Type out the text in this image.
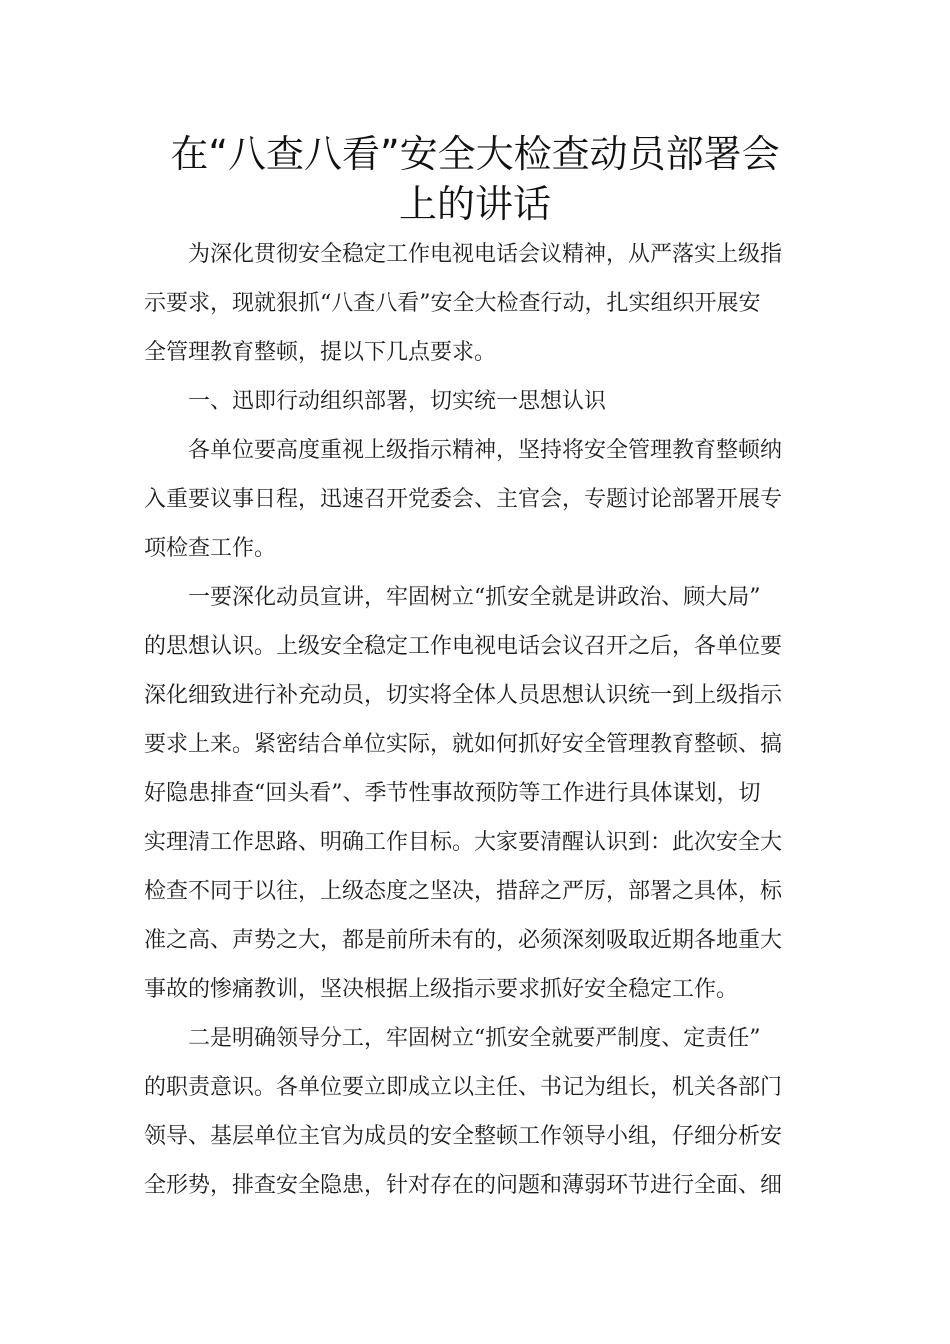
在“八查八看”安全大检查动员部署会
上的讲话

为深化贯彻安全稳定工作电视电话会议精神，从严落实上级指
示要求，现就狠抓“八查八看”安全大检查行动，扎实组织开展安
全管理教育整顿，提以下几点要求。

一、迅即行动组织部署，切实统一思想认识

各单位要高度重视上级指示精神，坚持将安全管理教育整顿纳
入重要议事日程，迅速召开党委会、主官会，专题讨论部署开展专
项检查工作。

一要深化动员宣讲，牢固树立“抓安全就是讲政治、顾大局”
的思想认识。上级安全稳定工作电视电话会议召开之后，各单位要
深化细致进行补充动员，切实将全体人员思想认识统一到上级指示
要求上来。紧密结合单位实际，就如何抓好安全管理教育整顿、搞
好隐患排查“回头看”、季节性事故预防等工作进行具体谋划，切
实理清工作思路、明确工作目标。大家要清醒认识到：此次安全大
检查不同于以往，上级态度之坚决，措辞之严厉，部署之具体，标
准之高、声势之大，都是前所未有的，必须深刻吸取近期各地重大
事故的惨痛教训，坚决根据上级指示要求抓好安全稳定工作。

二是明确领导分工，牢固树立“抓安全就要严制度、定责任”
的职责意识。各单位要立即成立以主任、书记为组长，机关各部门
领导、基层单位主官为成员的安全整顿工作领导小组，仔细分析安
全形势，排查安全隐患，针对存在的问题和薄弱环节进行全面、细
